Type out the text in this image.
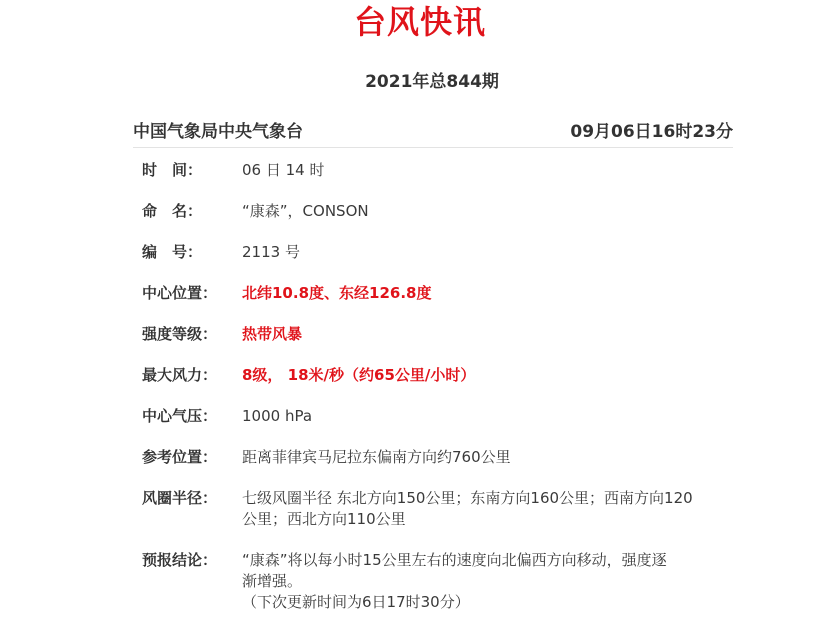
台风快讯
2021年总844期
中国气象局中央气象台	09月06日16时23分
时　间：	06 日 14 时
命　名：	“康森”，CONSON
编　号：	2113 号
中心位置：	北纬10.8度、东经126.8度
强度等级：	热带风暴
最大风力：	8级， 18米/秒（约65公里/小时）
中心气压：	1000 hPa
参考位置：	距离菲律宾马尼拉东偏南方向约760公里
风圈半径：	七级风圈半径 东北方向150公里；东南方向160公里；西南方向120
公里；西北方向110公里
预报结论：	“康森”将以每小时15公里左右的速度向北偏西方向移动，强度逐
渐增强。
（下次更新时间为6日17时30分）
